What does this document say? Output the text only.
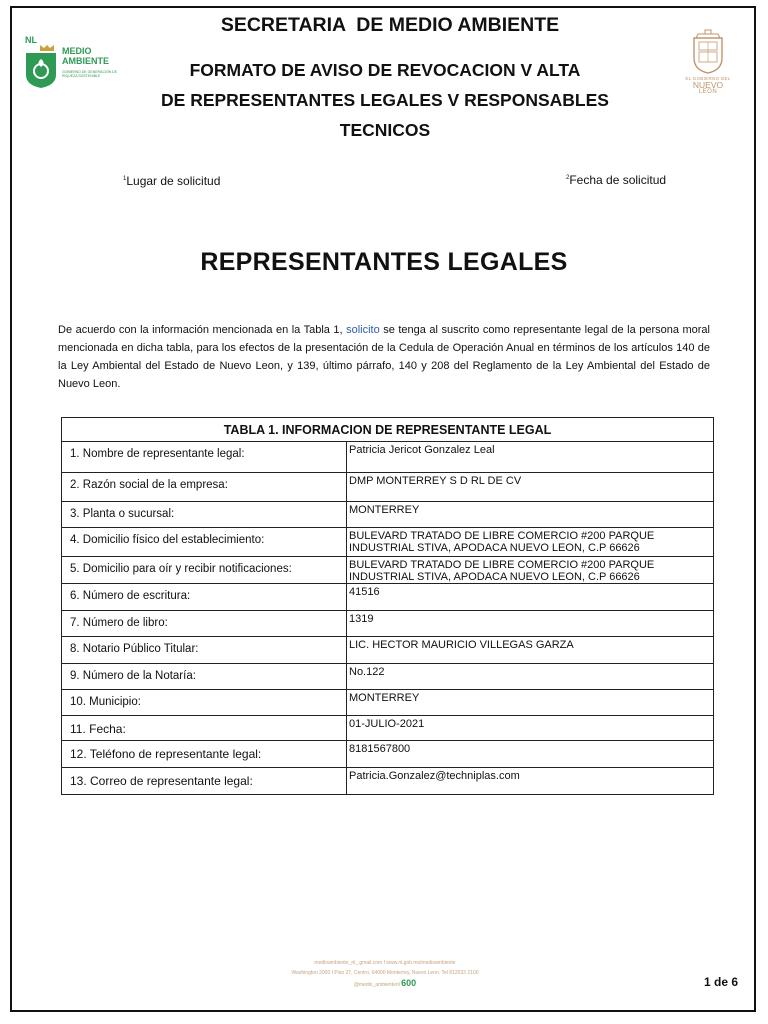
NL
MEDIO
AMBIENTE
GOBIERNO DE GENERACIÓN DE RIQUEZA SOSTENIBLE	EL GOBIERNO DEL
NUEVO
LEON
SECRETARIA  DE MEDIO AMBIENTE
FORMATO DE AVISO DE REVOCACION V ALTA
DE REPRESENTANTES LEGALES V RESPONSABLES
TECNICOS
$^1$Lugar de solicitud	$^2$Fecha de solicitud
REPRESENTANTES LEGALES
De acuerdo con la información mencionada en la Tabla 1, solicito se tenga al suscrito como representante legal de la persona moral mencionada en dicha tabla, para los efectos de la presentación de la Cedula de Operación Anual en términos de los artículos 140 de la Ley Ambiental del Estado de Nuevo Leon, y 139, último párrafo, 140 y 208 del Reglamento de la Ley Ambiental del Estado de Nuevo Leon.
TABLA 1. INFORMACION DE REPRESENTANTE LEGAL	
1. Nombre de representante legal:	Patricia Jericot Gonzalez Leal
2. Razón social de la empresa:	DMP MONTERREY S D RL DE CV
3. Planta o sucursal:	MONTERREY
4. Domicilio físico del establecimiento:	BULEVARD TRATADO DE LIBRE COMERCIO #200 PARQUE INDUSTRIAL STIVA, APODACA NUEVO LEON, C.P 66626
5. Domicilio para oír y recibir notificaciones:	BULEVARD TRATADO DE LIBRE COMERCIO #200 PARQUE INDUSTRIAL STIVA, APODACA NUEVO LEON, C.P 66626
6. Número de escritura:	41516
7. Número de libro:	1319
8. Notario Público Titular:	LIC. HECTOR MAURICIO VILLEGAS GARZA
9. Número de la Notaría:	No.122
10. Municipio:	MONTERREY
11. Fecha:	01-JULIO-2021
12. Teléfono de representante legal:	8181567800
13. Correo de representante legal:	Patricia.Gonzalez@techniplas.com
medioambiente_nl_.gmail.com I www.nl.gob.mx/medioambiente
Washington 2000 I Piso 27, Centro, 64000 Monterrey, Nuevo Leon. Tel 812033 2100
@medio_ambientenl 600	1 de 6
